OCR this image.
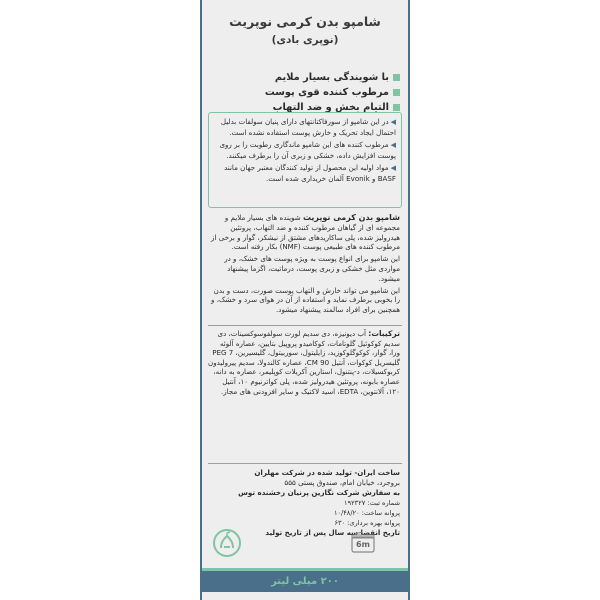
شامپو بدن کرمی نوپریت
(نوپری بادی)
با شویندگی بسیار ملایم
مرطوب کننده قوی پوست
التیام بخش و ضد التهاب

◀در این شامپو از سورفاکتانتهای دارای پنیان سولفات بدلیل احتمال ایجاد تحریک و خارش پوست استفاده نشده است.

◀مرطوب کننده های این شامپو ماندگاری رطوبت را بر روی پوست افزایش داده، خشکی و زبری آن را برطرف میکنند.

◀مواد اولیه این محصول از تولید کنندگان معتبر جهان مانند BASF و Evonik آلمان خریداری شده است.

شامپو بدن کرمی نوپریت شوینده های بسیار ملایم و مجموعه ای از گیاهان مرطوب کننده و ضد التهاب، پروتئین هیدرولیز شده، پلی ساکاریدهای مشتق از نیشکر، گوار و برخی از مرطوب کننده های طبیعی پوست (NMF) بکار رفته است.

این شامپو برای انواع پوست به ویژه پوست های خشک، و در مواردی مثل خشکی و زبری پوست، درماتیت، اگزما پیشنهاد میشود.

این شامپو می تواند خارش و التهاب پوست صورت، دست و بدن را بخوبی برطرف نماید و استفاده از آن در هوای سرد و خشک، و همچنین برای افراد سالمند پیشنهاد میشود.

ترکیبات: آب دیونیزه، دی سدیم لورت سولفوسوکسینات، دی سدیم کوکوئیل گلوتامات، کوکامیدو پروپیل بتایین، عصاره آلوئه ورا، گوار، کوکوگلوکوزید، زایلیتول، سوربیتول، گلیسیرین، PEG 7 گلیسریل کوکوات، آنتیل CM 90، عصاره کالندولا، سدیم پیرولیدون کربوکسیلات، د-پنتنول، استارین آکریلات کوپلیمر، عصاره به دانه، عصاره بابونه، پروتئین هیدرولیز شده، پلی کواترنیوم ۱۰، آنتیل ۱۲۰، آلانتوین، EDTA، اسید لاکتیک و سایر افزودنی های مجاز.
ساخت ایران- تولید شده در شرکت مهلران
بروجرد، خیابان امام، صندوق پستی ۵۵۵
به سفارش شرکت نگارین پرنیان رخشنده توس
شماره ثبت: ۱۹۲۳۲۷
پروانه ساخت: ۱۰/۴۸/۲۰
پروانه بهره برداری: ۶۳۰
تاریخ انقضا سه سال پس از تاریخ تولید
6m
۲۰۰ میلی لیتر
